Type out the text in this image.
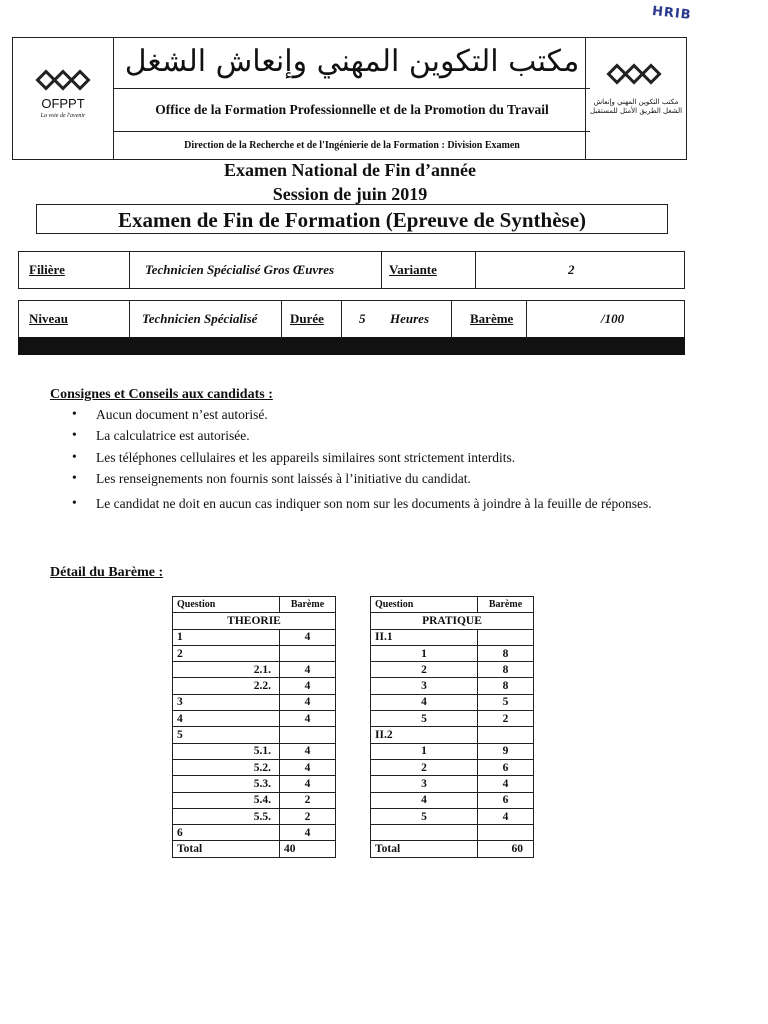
HRIB
OFPPT
La voie de l'avenir
مكتب التكوين المهني وإنعاش الشغل
Office de la Formation Professionnelle et de la Promotion du Travail
Direction de la Recherche et de l'Ingénierie de la Formation : Division Examen
مكتب التكوين المهني وإنعاش الشغل الطريق الأمثل للمستقبل
Examen National de Fin d’année
Session de juin 2019
Examen de Fin de Formation (Epreuve de Synthèse)
Filière	Technicien Spécialisé Gros Œuvres	Variante	2
Niveau	Technicien Spécialisé	Durée	5 Heures	Barème	/100
Consignes et Conseils aux candidats :
• Aucun document n’est autorisé.
• La calculatrice est autorisée.
• Les téléphones cellulaires et les appareils similaires sont strictement interdits.
• Les renseignements non fournis sont laissés à l’initiative du candidat.
• Le candidat ne doit en aucun cas indiquer son nom sur les documents à joindre à la feuille de réponses.
Détail du Barème :
Question	Barème
THEORIE	
1	4
2	
2.1.	4
2.2.	4
3	4
4	4
5	
5.1.	4
5.2.	4
5.3.	4
5.4.	2
5.5.	2
6	4
Total	40
Question	Barème
PRATIQUE	
II.1	
1	8
2	8
3	8
4	5
5	2
II.2	
1	9
2	6
3	4
4	6
5	4

Total	60
